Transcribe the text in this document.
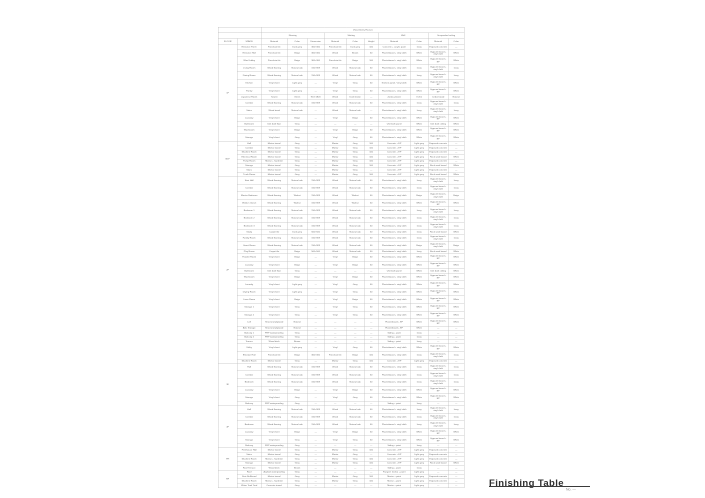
		(Two-Storey House)									
		Flooring			Skirting			Wall		Suspended ceiling	
FLOOR	SPACE	Material	Color	Dimension	Material	Color	Height	Material	Color	Material	Color
1F	Entrance Porch	Porcelain tile	Dark grey	300×300	Porcelain tile	Dark grey	100	Concrete + acrylic paint	Ivory	Exposed concrete	—
	Entrance Hall	Porcelain tile	Beige	300×300	Wood	Brown	60	Plasterboard + vinyl cloth	White	Gypsum board + vinyl cloth	White
	Wind Lobby	Porcelain tile	Beige	300×300	Porcelain tile	Beige	100	Plasterboard + vinyl cloth	White	Gypsum board + EP	White
	Living Room	Wood flooring	Natural oak	150×909	Wood	Natural oak	60	Plasterboard + vinyl cloth	Ivory	Gypsum board + vinyl cloth	Ivory
	Dining Room	Wood flooring	Natural oak	150×909	Wood	Natural oak	60	Plasterboard + vinyl cloth	Ivory	Gypsum board + vinyl cloth	Ivory
	Kitchen	Vinyl sheet	Light grey	—	Vinyl	Grey	60	Kitchen panel / vinyl cloth	White	Gypsum board + EP	White
	Pantry	Vinyl sheet	Light grey	—	Vinyl	Grey	60	Plasterboard + vinyl cloth	White	Gypsum board + EP	White
	Japanese Room	Tatami	Green	910×1820	Wood	Dark brown	—	Juraku plaster	Ochre	Cedar board	Natural
	Corridor	Wood flooring	Natural oak	150×909	Wood	Natural oak	60	Plasterboard + vinyl cloth	Ivory	Gypsum board + vinyl cloth	Ivory
	Stairs	Wood tread	Natural oak	—	Wood	Natural oak	—	Plasterboard + vinyl cloth	Ivory	Gypsum board + vinyl cloth	Ivory
	Lavatory	Vinyl sheet	Beige	—	Vinyl	Beige	60	Plasterboard + vinyl cloth	White	Gypsum board + EP	White
	Bathroom	Unit bath floor	Grey	—	—	—	—	Unit bath panel	White	Unit bath ceiling	White
	Washroom	Vinyl sheet	Beige	—	Vinyl	Beige	60	Plasterboard + vinyl cloth	White	Gypsum board + EP	White
	Storage	Vinyl sheet	Grey	—	Vinyl	Grey	60	Plasterboard + vinyl cloth	White	Gypsum board + EP	White
B1F	Hall	Mortar trowel	Grey	—	Mortar	Grey	100	Concrete + EP	Light grey	Exposed concrete	—
	Corridor	Mortar trowel	Grey	—	Mortar	Grey	100	Concrete + EP	Light grey	Exposed concrete	—
	Machine Room	Mortar trowel	Grey	—	Mortar	Grey	100	Concrete + EP	Light grey	Exposed concrete	—
	Electrical Room	Mortar trowel	Grey	—	Mortar	Grey	100	Concrete + EP	Light grey	Rock wool board	White
	Pump Room	Mortar + hardener	Grey	—	Mortar	Grey	100	Concrete + EP	Light grey	Exposed concrete	—
	Storage	Mortar trowel	Grey	—	Mortar	Grey	100	Concrete + EP	Light grey	Rock wool board	White
	Stairs	Mortar trowel	Grey	—	Mortar	Grey	—	Concrete + EP	Light grey	Exposed concrete	—
	Trunk Room	Mortar trowel	Grey	—	Mortar	Grey	100	Concrete + EP	Light grey	Rock wool board	White
2F	Stair Hall	Wood flooring	Natural oak	150×909	Wood	Natural oak	60	Plasterboard + vinyl cloth	Ivory	Gypsum board + vinyl cloth	Ivory
	Corridor	Wood flooring	Natural oak	150×909	Wood	Natural oak	60	Plasterboard + vinyl cloth	Ivory	Gypsum board + vinyl cloth	Ivory
	Master Bedroom	Wood flooring	Walnut	150×909	Wood	Walnut	60	Plasterboard + vinyl cloth	Beige	Gypsum board + vinyl cloth	Beige
	Walk-in Closet	Wood flooring	Walnut	150×909	Wood	Walnut	60	Plasterboard + vinyl cloth	White	Gypsum board + EP	White
	Bedroom 1	Wood flooring	Natural oak	150×909	Wood	Natural oak	60	Plasterboard + vinyl cloth	Ivory	Gypsum board + vinyl cloth	Ivory
	Bedroom 2	Wood flooring	Natural oak	150×909	Wood	Natural oak	60	Plasterboard + vinyl cloth	Ivory	Gypsum board + vinyl cloth	Ivory
	Bedroom 3	Wood flooring	Natural oak	150×909	Wood	Natural oak	60	Plasterboard + vinyl cloth	Ivory	Gypsum board + vinyl cloth	Ivory
	Study	Carpet tile	Dark grey	500×500	Wood	Natural oak	60	Plasterboard + vinyl cloth	Ivory	Rock wool board	White
	Family Room	Wood flooring	Natural oak	150×909	Wood	Natural oak	60	Plasterboard + vinyl cloth	Ivory	Gypsum board + vinyl cloth	Ivory
	Guest Room	Wood flooring	Natural oak	150×909	Wood	Natural oak	60	Plasterboard + vinyl cloth	Beige	Gypsum board + vinyl cloth	Beige
	Play Room	Carpet tile	Beige	500×500	Wood	Natural oak	60	Plasterboard + vinyl cloth	Ivory	Rock wool board	White
	Powder Room	Vinyl sheet	Beige	—	Vinyl	Beige	60	Plasterboard + vinyl cloth	White	Gypsum board + EP	White
	Lavatory	Vinyl sheet	Beige	—	Vinyl	Beige	60	Plasterboard + vinyl cloth	White	Gypsum board + EP	White
	Bathroom	Unit bath floor	Grey	—	—	—	—	Unit bath panel	White	Unit bath ceiling	White
	Washroom	Vinyl sheet	Beige	—	Vinyl	Beige	60	Plasterboard + vinyl cloth	White	Gypsum board + EP	White
	Laundry	Vinyl sheet	Light grey	—	Vinyl	Grey	60	Plasterboard + vinyl cloth	White	Gypsum board + EP	White
	Drying Room	Vinyl sheet	Light grey	—	Vinyl	Grey	60	Plasterboard + vinyl cloth	White	Gypsum board + EP	White
	Linen Room	Vinyl sheet	Beige	—	Vinyl	Beige	60	Plasterboard + vinyl cloth	White	Gypsum board + EP	White
	Storage 1	Vinyl sheet	Grey	—	Vinyl	Grey	60	Plasterboard + vinyl cloth	White	Gypsum board + EP	White
	Storage 2	Vinyl sheet	Grey	—	Vinyl	Grey	60	Plasterboard + vinyl cloth	White	Gypsum board + EP	White
	Loft	Structural plywood	Natural	—	—	—	—	Plasterboard + EP	White	Gypsum board + EP	White
	Attic Storage	Structural plywood	Natural	—	—	—	—	Plasterboard + EP	White	—	—
	Balcony 1	FRP waterproofing	Grey	—	—	—	—	Siding + paint	Ivory	—	—
	Balcony 2	FRP waterproofing	Grey	—	—	—	—	Siding + paint	Ivory	—	—
	Terrace	Wood deck	Brown	—	—	—	—	Siding + paint	Ivory	—	—
	Utility	Vinyl sheet	Light grey	—	Vinyl	Grey	60	Plasterboard + vinyl cloth	White	Gypsum board + EP	White
	Elevator Hall	Porcelain tile	Beige	300×300	Porcelain tile	Beige	100	Plasterboard + vinyl cloth	Ivory	Gypsum board + vinyl cloth	Ivory
	Machine Room	Mortar trowel	Grey	—	Mortar	Grey	100	Concrete + EP	Light grey	Exposed concrete	—
3F	Hall	Wood flooring	Natural oak	150×909	Wood	Natural oak	60	Plasterboard + vinyl cloth	Ivory	Gypsum board + vinyl cloth	Ivory
	Corridor	Wood flooring	Natural oak	150×909	Wood	Natural oak	60	Plasterboard + vinyl cloth	Ivory	Gypsum board + vinyl cloth	Ivory
	Bedroom	Wood flooring	Natural oak	150×909	Wood	Natural oak	60	Plasterboard + vinyl cloth	Ivory	Gypsum board + vinyl cloth	Ivory
	Lavatory	Vinyl sheet	Beige	—	Vinyl	Beige	60	Plasterboard + vinyl cloth	White	Gypsum board + EP	White
	Storage	Vinyl sheet	Grey	—	Vinyl	Grey	60	Plasterboard + vinyl cloth	White	Gypsum board + EP	White
	Balcony	FRP waterproofing	Grey	—	—	—	—	Siding + paint	Ivory	—	—
4F	Hall	Wood flooring	Natural oak	150×909	Wood	Natural oak	60	Plasterboard + vinyl cloth	Ivory	Gypsum board + vinyl cloth	Ivory
	Corridor	Wood flooring	Natural oak	150×909	Wood	Natural oak	60	Plasterboard + vinyl cloth	Ivory	Gypsum board + vinyl cloth	Ivory
	Bedroom	Wood flooring	Natural oak	150×909	Wood	Natural oak	60	Plasterboard + vinyl cloth	Ivory	Gypsum board + vinyl cloth	Ivory
	Lavatory	Vinyl sheet	Beige	—	Vinyl	Beige	60	Plasterboard + vinyl cloth	White	Gypsum board + EP	White
	Storage	Vinyl sheet	Grey	—	Vinyl	Grey	60	Plasterboard + vinyl cloth	White	Gypsum board + EP	White
	Balcony	FRP waterproofing	Grey	—	—	—	—	Siding + paint	Ivory	—	—
PH	Penthouse Hall	Mortar trowel	Grey	—	Mortar	Grey	100	Concrete + EP	Light grey	Exposed concrete	—
	Stairs	Mortar trowel	Grey	—	Mortar	Grey	—	Concrete + EP	Light grey	Exposed concrete	—
	Machine Room	Mortar + hardener	Grey	—	Mortar	Grey	100	Concrete + EP	Light grey	Exposed concrete	—
	Storage	Mortar trowel	Grey	—	Mortar	Grey	100	Concrete + EP	Light grey	Rock wool board	White
	Roof Terrace	Wood deck	Brown	—	—	—	—	Siding + paint	Ivory	—	—
RF	Roof	Asphalt waterproofing	Grey	—	—	—	—	Parapet: mortar + paint	Light grey	—	—
	Stair Bulkhead	Mortar trowel	Grey	—	Mortar	Grey	100	Mortar + paint	Light grey	Exposed concrete	—
	Machine Room	Mortar + hardener	Grey	—	Mortar	Grey	100	Mortar + paint	Light grey	Exposed concrete	—
	Water Tank Yard	Concrete trowel	Grey	—	—	—	—	Mortar + paint	Light grey	—	—	Finishing Table
No. —
